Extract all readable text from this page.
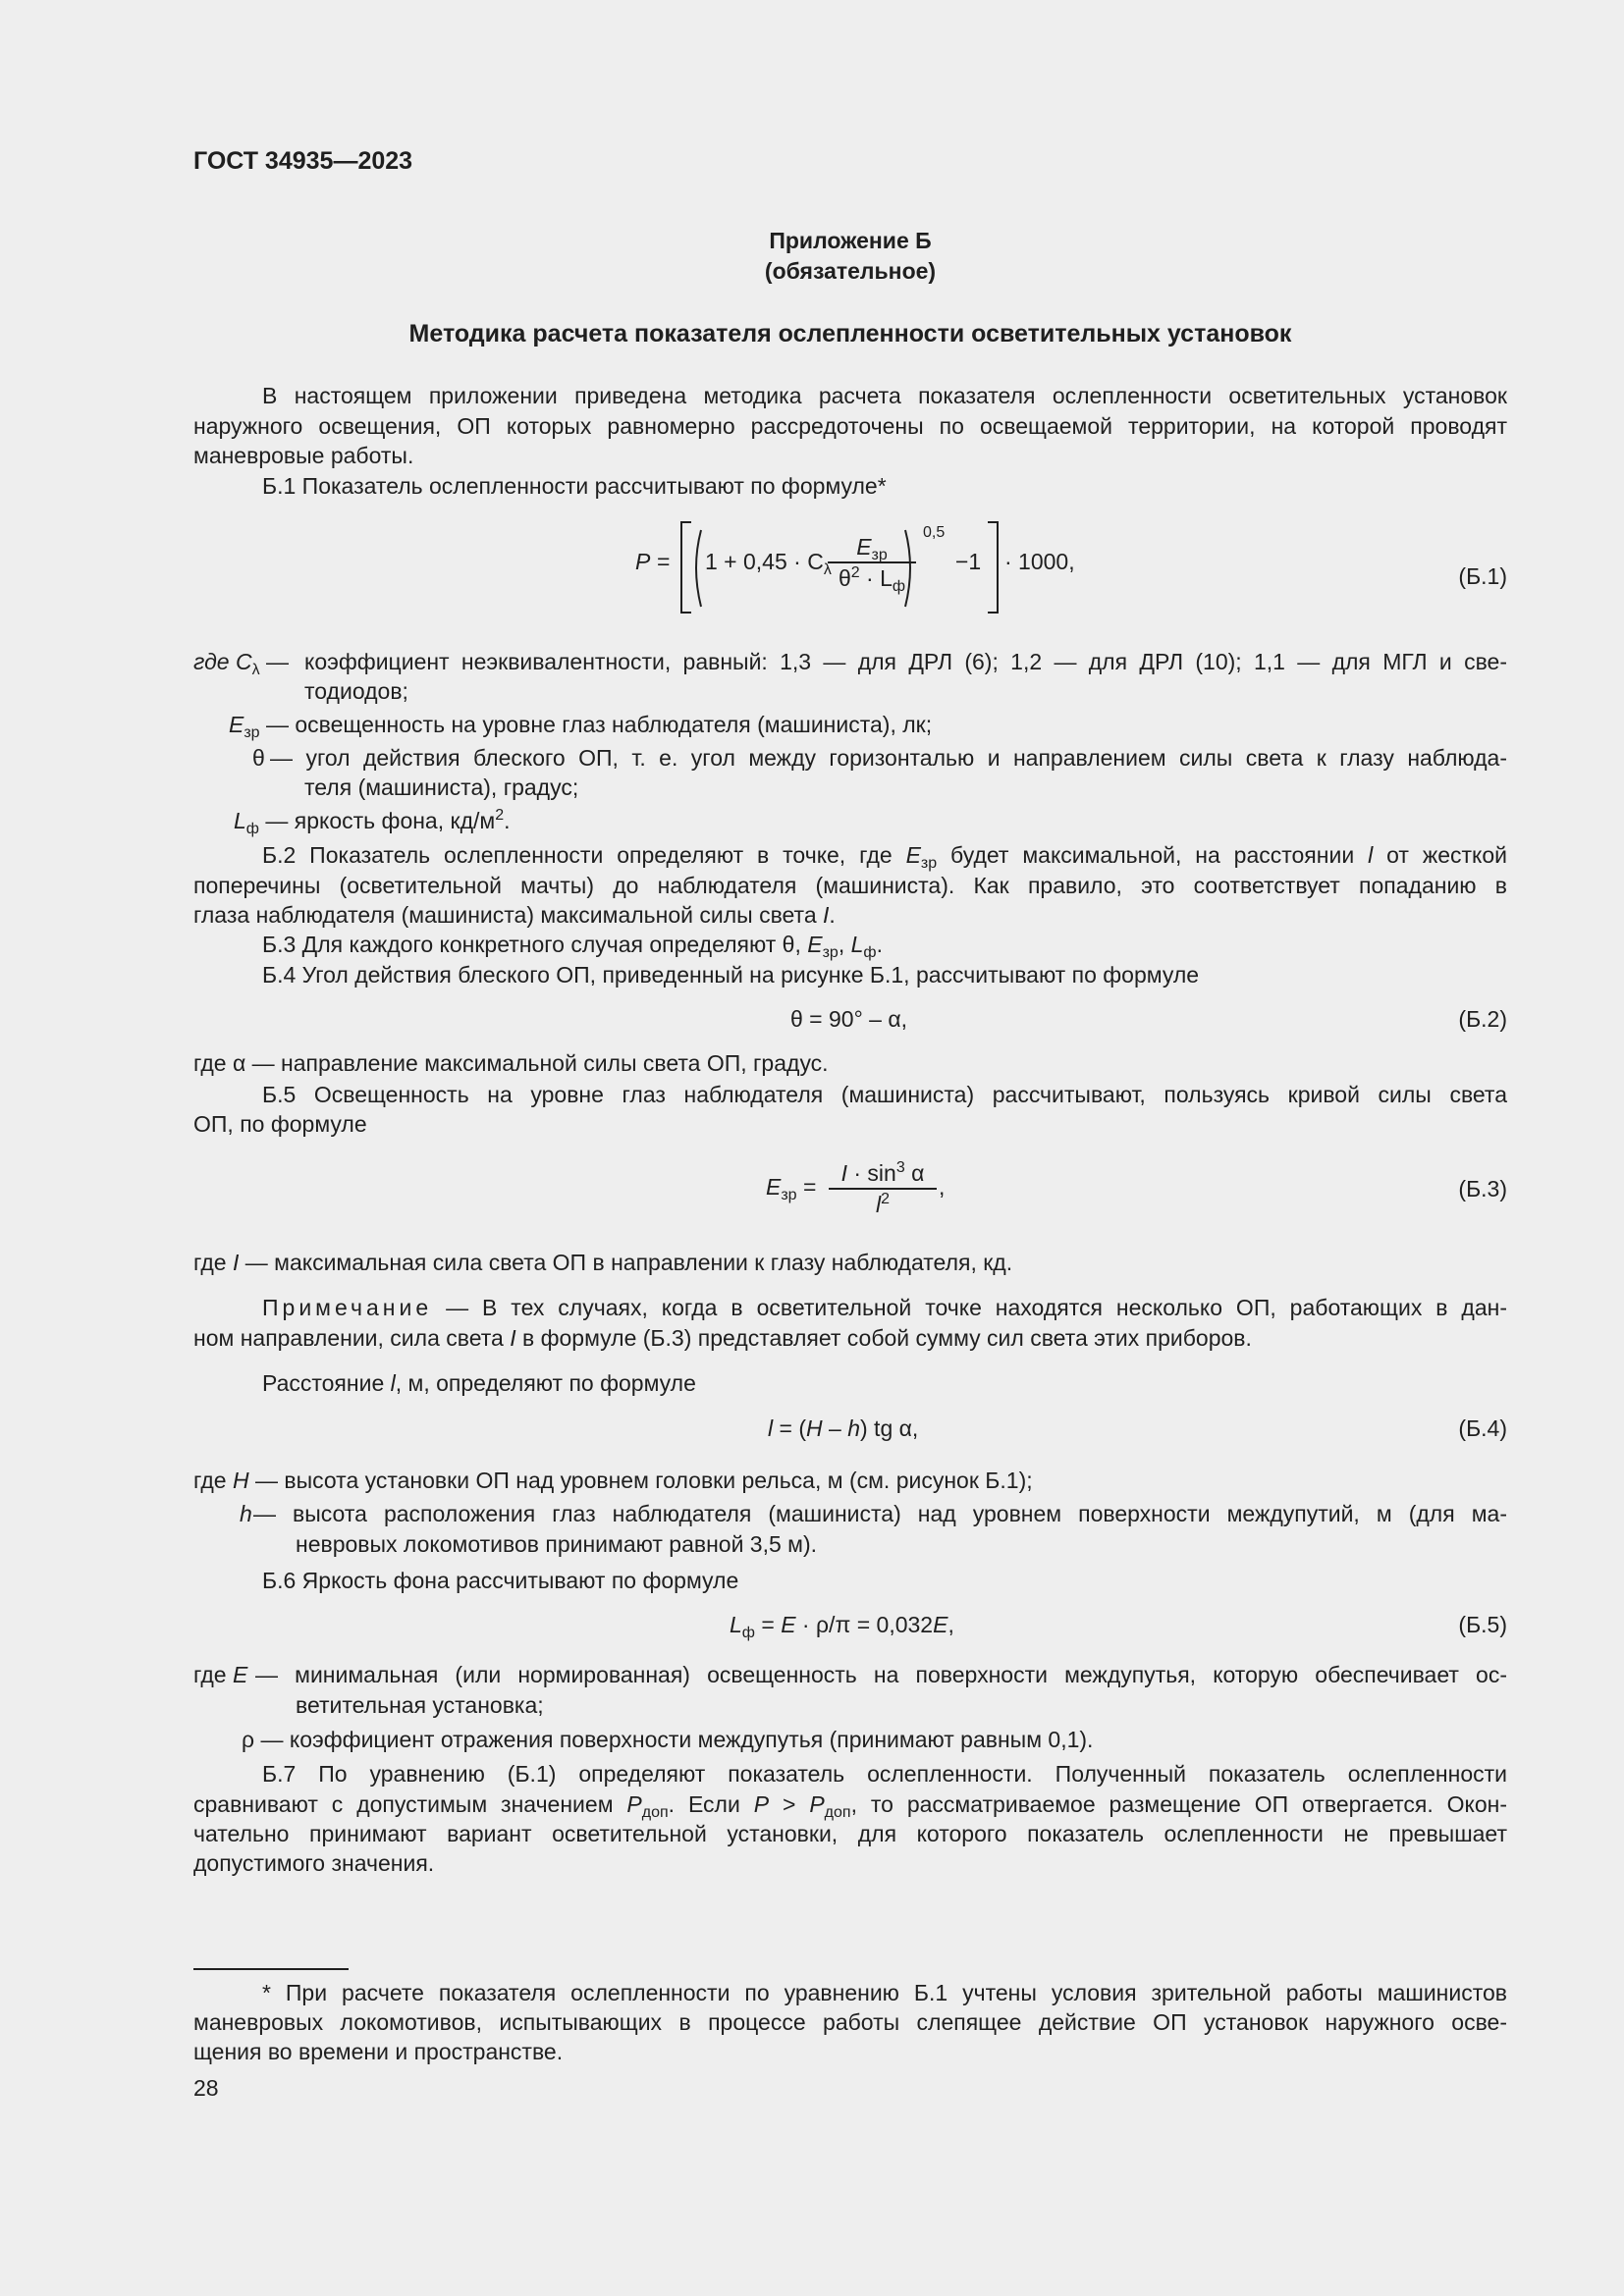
ГОСТ 34935—2023
Приложение Б
(обязательное)
Методика расчета показателя ослепленности осветительных установок
В настоящем приложении приведена методика расчета показателя ослепленности осветительных установок
наружного освещения, ОП которых равномерно рассредоточены по освещаемой территории, на которой проводят
маневровые работы.
Б.1 Показатель ослепленности рассчитывают по формуле*
$P = 1 + 0,45 \cdot C_\lambda$
$E_{зр}$
$\theta^2 \cdot L_ф$
0,5
−1 · 1000,
(Б.1)
где $C_\lambda$ — коэффициент неэквивалентности, равный: 1,3 — для ДРЛ (6); 1,2 — для ДРЛ (10); 1,1 — для МГЛ и све-
тодиодов;
$E_{зр}$ — освещенность на уровне глаз наблюдателя (машиниста), лк;
θ — угол действия блеского ОП, т. е. угол между горизонталью и направлением силы света к глазу наблюда-
теля (машиниста), градус;
$L_ф$ — яркость фона, $кд/м^2$.
Б.2 Показатель ослепленности определяют в точке, где $E_{зр}$ будет максимальной, на расстоянии l от жесткой
поперечины (осветительной мачты) до наблюдателя (машиниста). Как правило, это соответствует попаданию в
глаза наблюдателя (машиниста) максимальной силы света I.
Б.3 Для каждого конкретного случая определяют θ, $E_{зр}$, $L_ф$.
Б.4 Угол действия блеского ОП, приведенный на рисунке Б.1, рассчитывают по формуле
θ = 90° – α,	(Б.2)
где α — направление максимальной силы света ОП, градус.
Б.5 Освещенность на уровне глаз наблюдателя (машиниста) рассчитывают, пользуясь кривой силы света
ОП, по формуле
$E_{зр} = \frac{I \cdot \sin^3 \alpha}{l^2}$ ,	(Б.3)
где I — максимальная сила света ОП в направлении к глазу наблюдателя, кд.
Примечание — В тех случаях, когда в осветительной точке находятся несколько ОП, работающих в дан-
ном направлении, сила света I в формуле (Б.3) представляет собой сумму сил света этих приборов.
Расстояние l, м, определяют по формуле
l = (H – h) tg α,	(Б.4)
где H — высота установки ОП над уровнем головки рельса, м (см. рисунок Б.1);
h — высота расположения глаз наблюдателя (машиниста) над уровнем поверхности междупутий, м (для ма-
невровых локомотивов принимают равной 3,5 м).
Б.6 Яркость фона рассчитывают по формуле
$L_ф = E \cdot \rho/\pi = 0,032E$,	(Б.5)
где E — минимальная (или нормированная) освещенность на поверхности междупутья, которую обеспечивает ос-
ветительная установка;
ρ — коэффициент отражения поверхности междупутья (принимают равным 0,1).
Б.7 По уравнению (Б.1) определяют показатель ослепленности. Полученный показатель ослепленности
сравнивают с допустимым значением $P_{доп}$. Если $P > P_{доп}$, то рассматриваемое размещение ОП отвергается. Окон-
чательно принимают вариант осветительной установки, для которого показатель ослепленности не превышает
допустимого значения.
* При расчете показателя ослепленности по уравнению Б.1 учтены условия зрительной работы машинистов
маневровых локомотивов, испытывающих в процессе работы слепящее действие ОП установок наружного осве-
щения во времени и пространстве.
28
